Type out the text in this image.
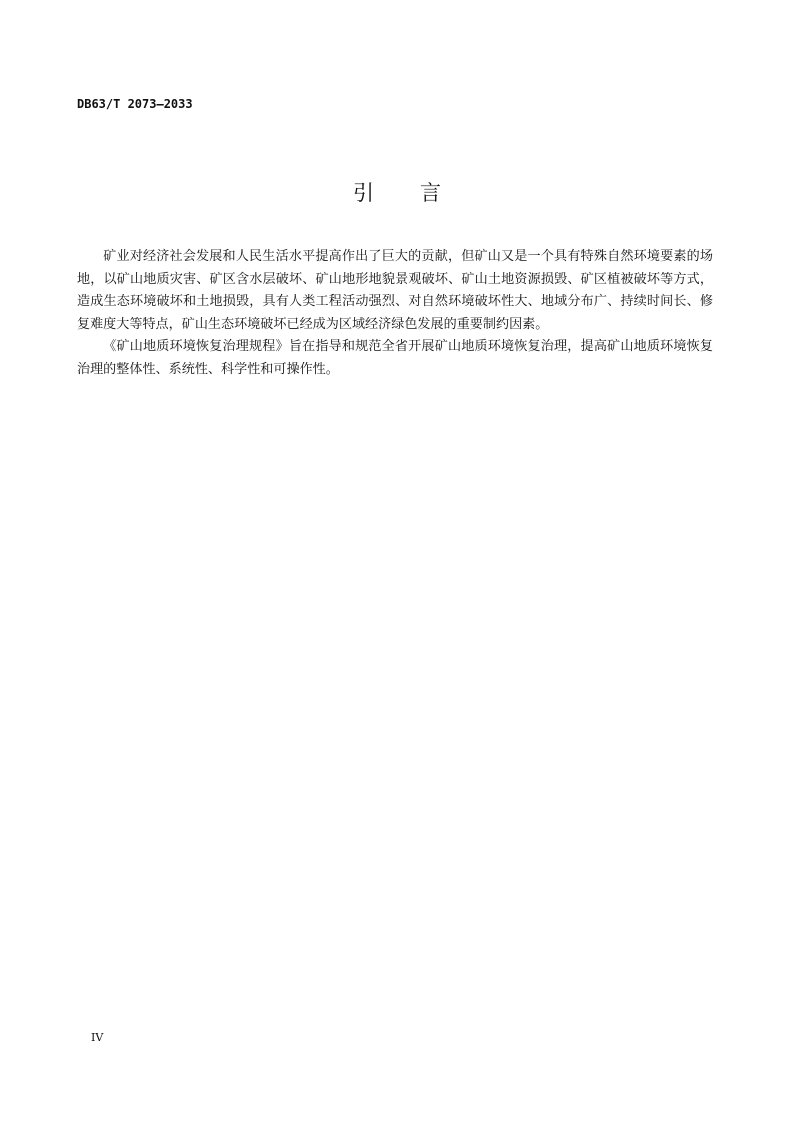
DB63/T 2073—2033
引 言

矿业对经济社会发展和人民生活水平提高作出了巨大的贡献，但矿山又是一个具有特殊自然环境要素的场地，以矿山地质灾害、矿区含水层破坏、矿山地形地貌景观破坏、矿山土地资源损毁、矿区植被破坏等方式，造成生态环境破坏和土地损毁，具有人类工程活动强烈、对自然环境破坏性大、地域分布广、持续时间长、修复难度大等特点，矿山生态环境破坏已经成为区域经济绿色发展的重要制约因素。

《矿山地质环境恢复治理规程》旨在指导和规范全省开展矿山地质环境恢复治理，提高矿山地质环境恢复治理的整体性、系统性、科学性和可操作性。

IV
